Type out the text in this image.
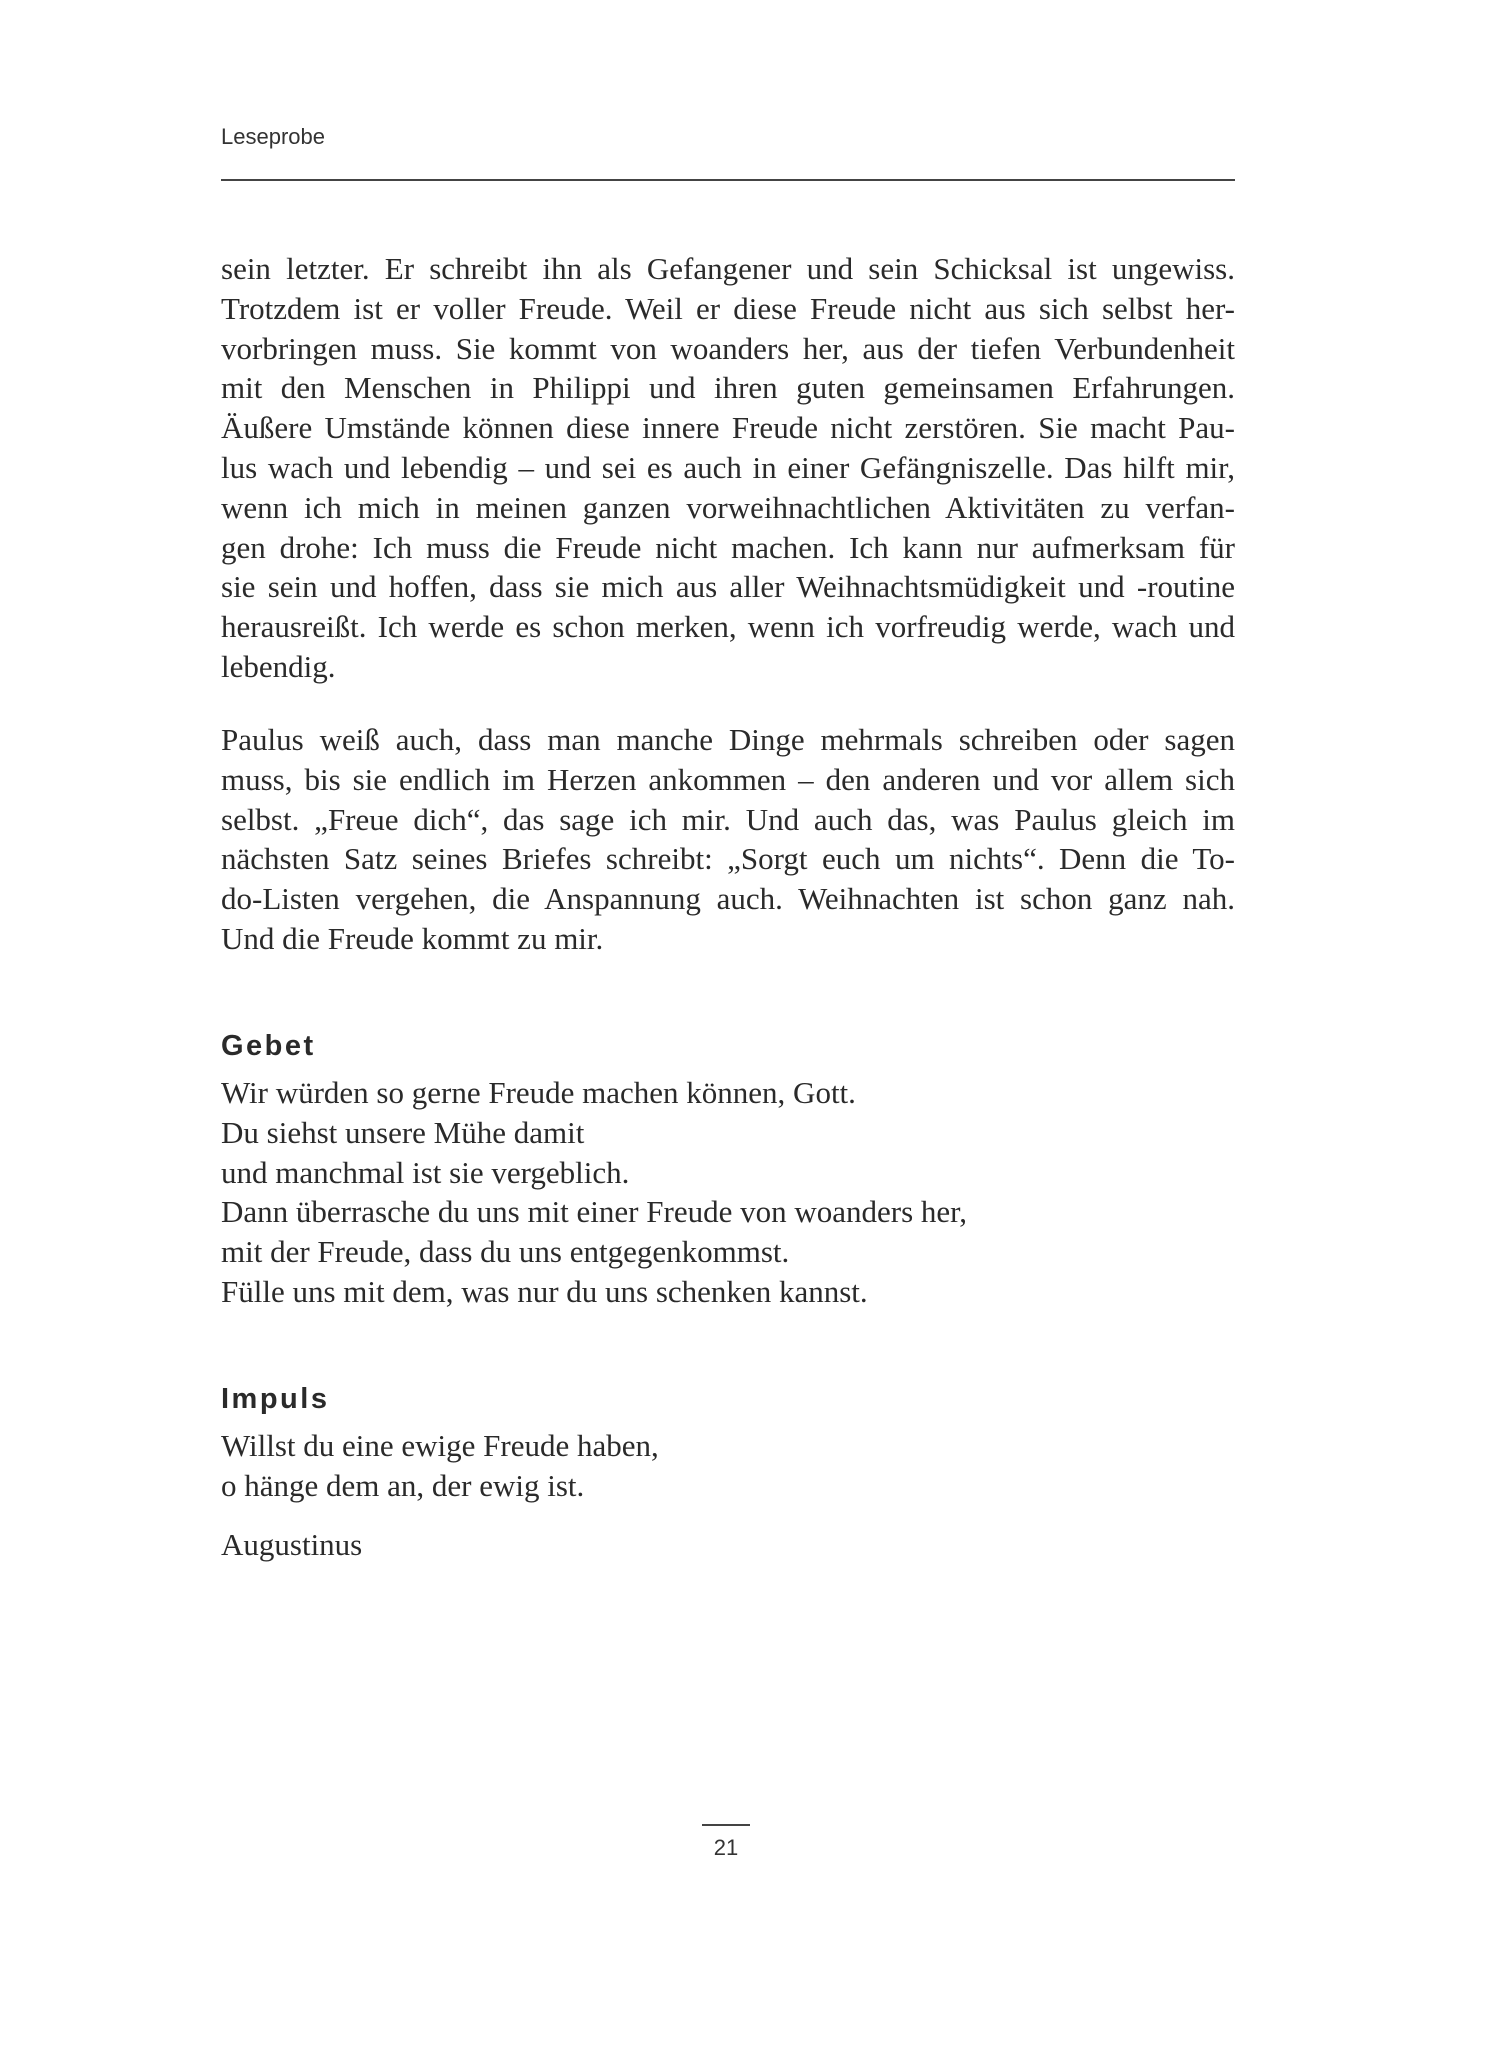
Leseprobe
sein letzter. Er schreibt ihn als Gefangener und sein Schicksal ist ungewiss.
Trotzdem ist er voller Freude. Weil er diese Freude nicht aus sich selbst her-
vorbringen muss. Sie kommt von woanders her, aus der tiefen Verbundenheit
mit den Menschen in Philippi und ihren guten gemeinsamen Erfahrungen.
Äußere Umstände können diese innere Freude nicht zerstören. Sie macht Pau-
lus wach und lebendig – und sei es auch in einer Gefängniszelle. Das hilft mir,
wenn ich mich in meinen ganzen vorweihnachtlichen Aktivitäten zu verfan-
gen drohe: Ich muss die Freude nicht machen. Ich kann nur aufmerksam für
sie sein und hoffen, dass sie mich aus aller Weihnachtsmüdigkeit und -routine
herausreißt. Ich werde es schon merken, wenn ich vorfreudig werde, wach und
lebendig.
Paulus weiß auch, dass man manche Dinge mehrmals schreiben oder sagen
muss, bis sie endlich im Herzen ankommen – den anderen und vor allem sich
selbst. „Freue dich“, das sage ich mir. Und auch das, was Paulus gleich im
nächsten Satz seines Briefes schreibt: „Sorgt euch um nichts“. Denn die To-
do-Listen vergehen, die Anspannung auch. Weihnachten ist schon ganz nah.
Und die Freude kommt zu mir.
Gebet
Wir würden so gerne Freude machen können, Gott.
Du siehst unsere Mühe damit
und manchmal ist sie vergeblich.
Dann überrasche du uns mit einer Freude von woanders her,
mit der Freude, dass du uns entgegenkommst.
Fülle uns mit dem, was nur du uns schenken kannst.
Impuls
Willst du eine ewige Freude haben,
o hänge dem an, der ewig ist.
Augustinus
21
